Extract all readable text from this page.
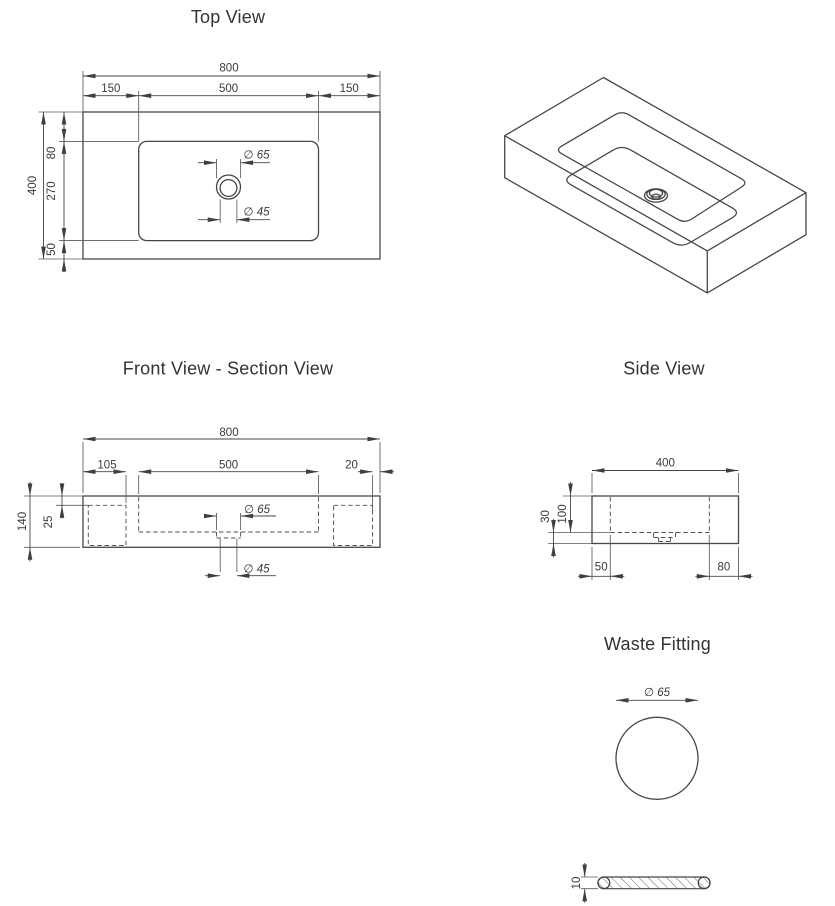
Top View
800
150	500	150
400
80
270
50
∅ 65
∅ 45
Front View - Section View
800
105	500	20
140 25
∅ 65
∅ 45
Side View
400
30 100
50	80
Waste Fitting
∅ 65
10
